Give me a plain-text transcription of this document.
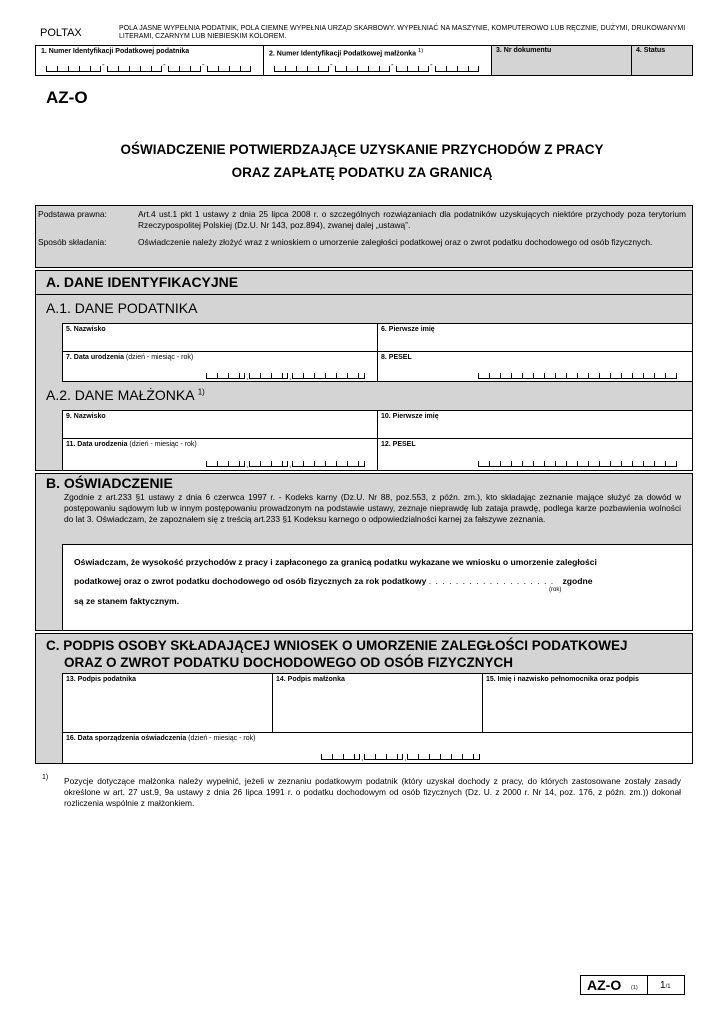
POLTAX	POLA JASNE WYPEŁNIA PODATNIK, POLA CIEMNE WYPEŁNIA URZĄD SKARBOWY. WYPEŁNIAĆ NA MASZYNIE, KOMPUTEROWO LUB RĘCZNIE, DUŻYMI, DRUKOWANYMI LITERAMI, CZARNYM LUB NIEBIESKIM KOLOREM.
1. Numer Identyfikacji Podatkowej podatnika
-	-	-
2. Numer Identyfikacji Podatkowej małżonka $^{1)}$
-	-	-
3. Nr dokumentu	4. Status
AZ-O
OŚWIADCZENIE POTWIERDZAJĄCE UZYSKANIE PRZYCHODÓW Z PRACY
ORAZ ZAPŁATĘ PODATKU ZA GRANICĄ
Podstawa prawna:	Art.4 ust.1 pkt 1 ustawy z dnia 25 lipca 2008 r. o szczególnych rozwiązaniach dla podatników uzyskujących niektóre przychody poza terytorium Rzeczypospolitej Polskiej (Dz.U. Nr 143, poz.894), zwanej dalej „ustawą”.
Sposób składania:	Oświadczenie należy złożyć wraz z wnioskiem o umorzenie zaległości podatkowej oraz o zwrot podatku dochodowego od osób fizycznych.
A. DANE IDENTYFIKACYJNE
A.1. DANE PODATNIKA
5. Nazwisko	6. Pierwsze imię
7. Data urodzenia (dzień - miesiąc - rok)
,	,
8. PESEL
A.2. DANE MAŁŻONKA $^{1)}$
9. Nazwisko	10. Pierwsze imię
11. Data urodzenia (dzień - miesiąc - rok)
,	,
12. PESEL
B. OŚWIADCZENIE
Zgodnie z art.233 §1 ustawy z dnia 6 czerwca 1997 r. - Kodeks karny (Dz.U. Nr 88, poz.553, z późn. zm.), kto składając zeznanie mające służyć za dowód w postępowaniu sądowym lub w innym postępowaniu prowadzonym na podstawie ustawy, zeznaje nieprawdę lub zataja prawdę, podlega karze pozbawienia wolności do lat 3. Oświadczam, że zapoznałem się z treścią art.233 §1 Kodeksu karnego o odpowiedzialności karnej za fałszywe zeznania.
Oświadczam, że wysokość przychodów z pracy i zapłaconego za granicą podatku wykazane we wniosku o umorzenie zaległości
podatkowej oraz o zwrot podatku dochodowego od osób fizycznych za rok podatkowy . . . . . . . . . . . . . . . . . . . zgodne
(rok)
są ze stanem faktycznym.
C. PODPIS OSOBY SKŁADAJĄCEJ WNIOSEK O UMORZENIE ZALEGŁOŚCI PODATKOWEJ
ORAZ O ZWROT PODATKU DOCHODOWEGO OD OSÓB FIZYCZNYCH
13. Podpis podatnika	14. Podpis małżonka	15. Imię i nazwisko pełnomocnika oraz podpis
16. Data sporządzenia oświadczenia (dzień - miesiąc - rok)
,	,
1) Pozycje dotyczące małżonka należy wypełnić, jeżeli w zeznaniu podatkowym podatnik (który uzyskał dochody z pracy, do których zastosowane zostały zasady określone w art. 27 ust.9, 9a ustawy z dnia 26 lipca 1991 r. o podatku dochodowym od osób fizycznych (Dz. U. z 2000 r. Nr 14, poz. 176, z późn. zm.)) dokonał rozliczenia wspólnie z małżonkiem.
AZ-O (1) 1/1
